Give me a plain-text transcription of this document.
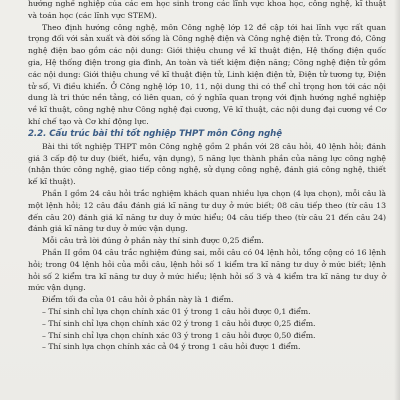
hướng nghề nghiệp của các em học sinh trong các lĩnh vực khoa học, công nghệ, kĩ thuật và toán học (các lĩnh vực STEM).

Theo định hướng công nghệ, môn Công nghệ lớp 12 đề cập tới hai lĩnh vực rất quan trọng đối với sản xuất và đời sống là Công nghệ điện và Công nghệ điện tử. Trong đó, Công nghệ điện bao gồm các nội dung: Giới thiệu chung về kĩ thuật điện, Hệ thống điện quốc gia, Hệ thống điện trong gia đình, An toàn và tiết kiệm điện năng; Công nghệ điện tử gồm các nội dung: Giới thiệu chung về kĩ thuật điện tử, Linh kiện điện tử, Điện tử tương tự, Điện tử số, Vi điều khiển. Ở Công nghệ lớp 10, 11, nội dung thi có thể chỉ trọng hơn tới các nội dung là tri thức nền tảng, có liên quan, có ý nghĩa quan trọng với định hướng nghề nghiệp về kĩ thuật, công nghệ như Công nghệ đại cương, Vẽ kĩ thuật, các nội dung đại cương về Cơ khí chế tạo và Cơ khí động lực.

2.2. Cấu trúc bài thi tốt nghiệp THPT môn Công nghệ

Bài thi tốt nghiệp THPT môn Công nghệ gồm 2 phần với 28 câu hỏi, 40 lệnh hỏi; đánh giá 3 cấp độ tư duy (biết, hiểu, vận dụng), 5 năng lực thành phần của năng lực công nghệ (nhận thức công nghệ, giao tiếp công nghệ, sử dụng công nghệ, đánh giá công nghệ, thiết kế kĩ thuật).

Phần I gồm 24 câu hỏi trắc nghiệm khách quan nhiều lựa chọn (4 lựa chọn), mỗi câu là một lệnh hỏi; 12 câu đầu đánh giá kĩ năng tư duy ở mức biết; 08 câu tiếp theo (từ câu 13 đến câu 20) đánh giá kĩ năng tư duy ở mức hiểu; 04 câu tiếp theo (từ câu 21 đến câu 24) đánh giá kĩ năng tư duy ở mức vận dụng.

Mỗi câu trả lời đúng ở phần này thí sinh được 0,25 điểm.

Phần II gồm 04 câu trắc nghiệm đúng sai, mỗi câu có 04 lệnh hỏi, tổng cộng có 16 lệnh hỏi; trong 04 lệnh hỏi của mỗi câu, lệnh hỏi số 1 kiểm tra kĩ năng tư duy ở mức biết; lệnh hỏi số 2 kiểm tra kĩ năng tư duy ở mức hiểu; lệnh hỏi số 3 và 4 kiểm tra kĩ năng tư duy ở mức vận dụng.

Điểm tối đa của 01 câu hỏi ở phần này là 1 điểm.

– Thí sinh chỉ lựa chọn chính xác 01 ý trong 1 câu hỏi được 0,1 điểm.

– Thí sinh chỉ lựa chọn chính xác 02 ý trong 1 câu hỏi được 0,25 điểm.

– Thí sinh chỉ lựa chọn chính xác 03 ý trong 1 câu hỏi được 0,50 điểm.

– Thí sinh lựa chọn chính xác cả 04 ý trong 1 câu hỏi được 1 điểm.
